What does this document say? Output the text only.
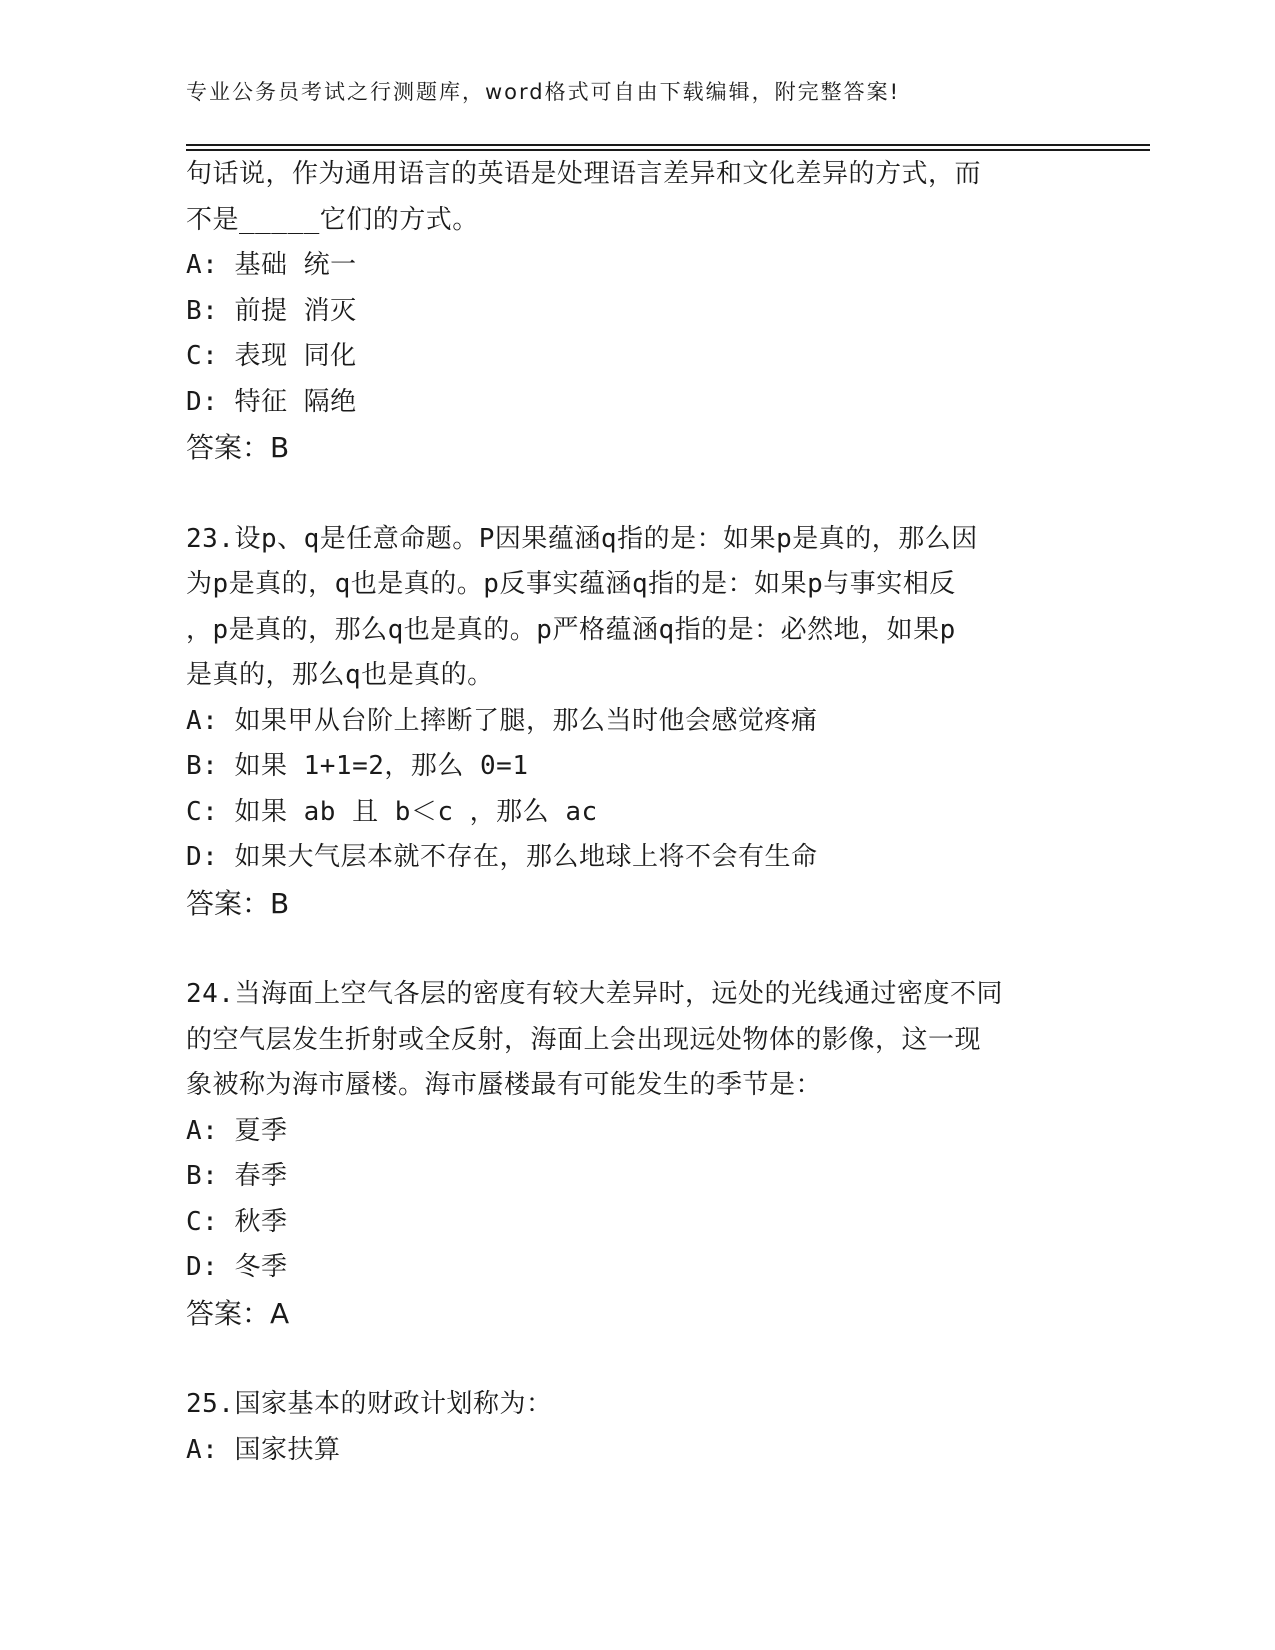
专业公务员考试之行测题库，word格式可自由下载编辑，附完整答案!
句话说，作为通用语言的英语是处理语言差异和文化差异的方式，而
不是_____它们的方式。
A: 基础 统一
B: 前提 消灭
C: 表现 同化
D: 特征 隔绝
答案：B
23.设p、q是任意命题。P因果蕴涵q指的是：如果p是真的，那么因
为p是真的，q也是真的。p反事实蕴涵q指的是：如果p与事实相反
，p是真的，那么q也是真的。p严格蕴涵q指的是：必然地，如果p
是真的，那么q也是真的。
A: 如果甲从台阶上摔断了腿，那么当时他会感觉疼痛
B: 如果 1+1=2，那么 0=1
C: 如果 ab 且 b＜c ，那么 ac
D: 如果大气层本就不存在，那么地球上将不会有生命
答案：B
24.当海面上空气各层的密度有较大差异时，远处的光线通过密度不同
的空气层发生折射或全反射，海面上会出现远处物体的影像，这一现
象被称为海市蜃楼。海市蜃楼最有可能发生的季节是：
A: 夏季
B: 春季
C: 秋季
D: 冬季
答案：A
25.国家基本的财政计划称为：
A: 国家扶算
